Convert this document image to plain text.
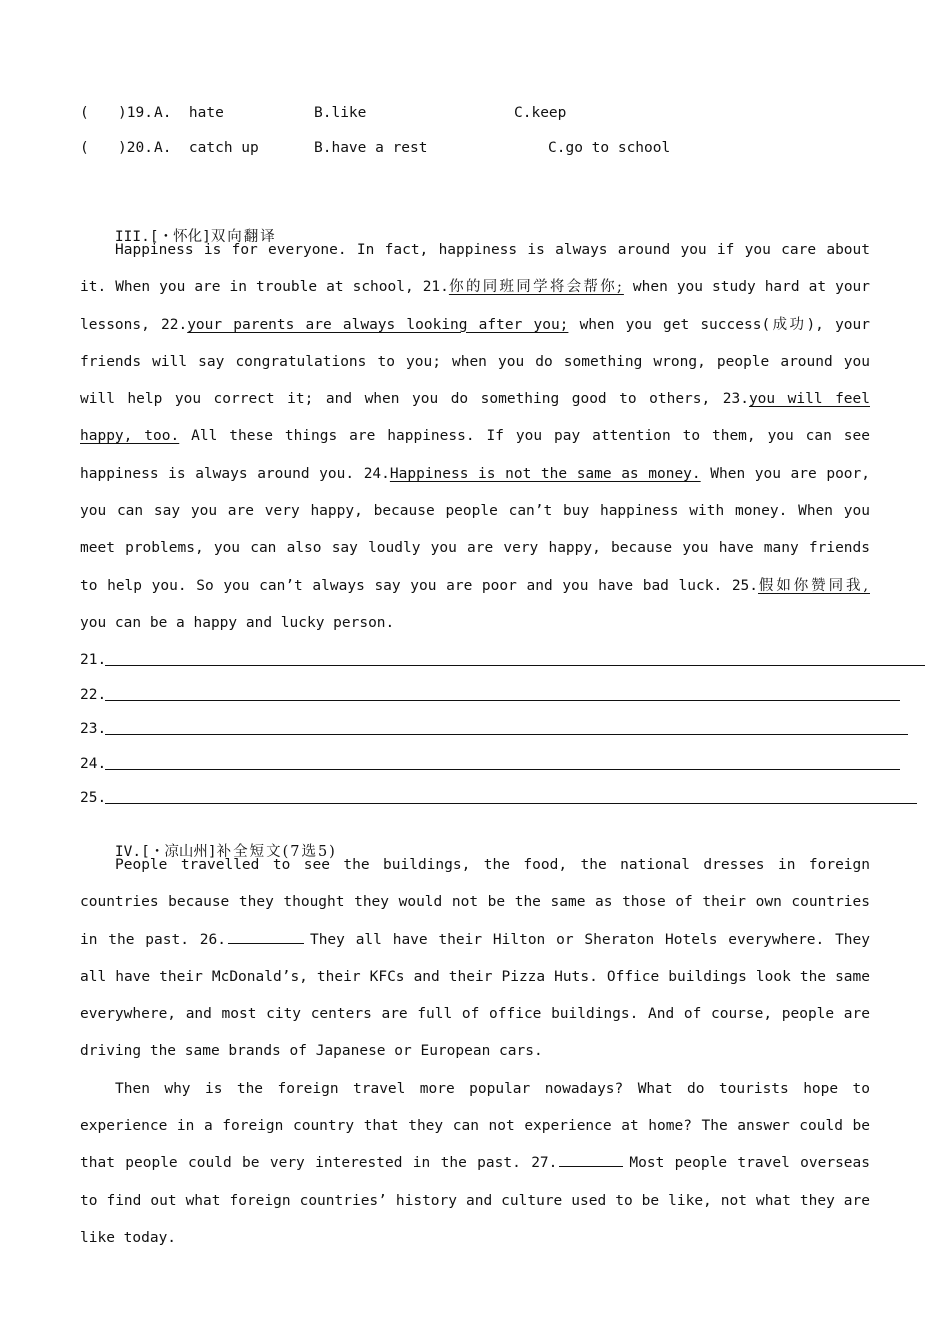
(

)19.

A.  hate

	B.like

	C.keep

(

)20.

A.  catch up

	B.have a rest

	C.go to school

III.[・怀化]双向翻译

Happiness is for everyone. In fact, happiness is always around you if you care about it. When you are in trouble at school, 21.你的同班同学将会帮你; when you study hard at your lessons, 22.your parents are always looking after you; when you get success(成功), your friends will say congratulations to you; when you do something wrong, people around you will help you correct it; and when you do something good to others, 23.you will feel happy, too. All these things are happiness. If you pay attention to them, you can see happiness is always around you. 24.Happiness is not the same as money. When you are poor, you can say you are very happy, because people can’t buy happiness with money. When you meet problems, you can also say loudly you are very happy, because you have many friends to help you. So you can’t always say you are poor and you have bad luck. 25.假如你赞同我, you can be a happy and lucky person.

21.
22.
23.
24.
25.

IV.[・凉山州]补全短文(7选5)

People travelled to see the buildings, the food, the national dresses in foreign countries because they thought they would not be the same as those of their own countries in the past. 26.	They all have their Hilton or Sheraton Hotels everywhere. They all have their McDonald’s, their KFCs and their Pizza Huts. Office buildings look the same everywhere, and most city centers are full of office buildings. And of course, people are driving the same brands of Japanese or European cars.

Then why is the foreign travel more popular nowadays? What do tourists hope to experience in a foreign country that they can not experience at home? The answer could be that people could be very interested in the past. 27.	Most people travel overseas to find out what foreign countries’ history and culture used to be like, not what they are like today.
